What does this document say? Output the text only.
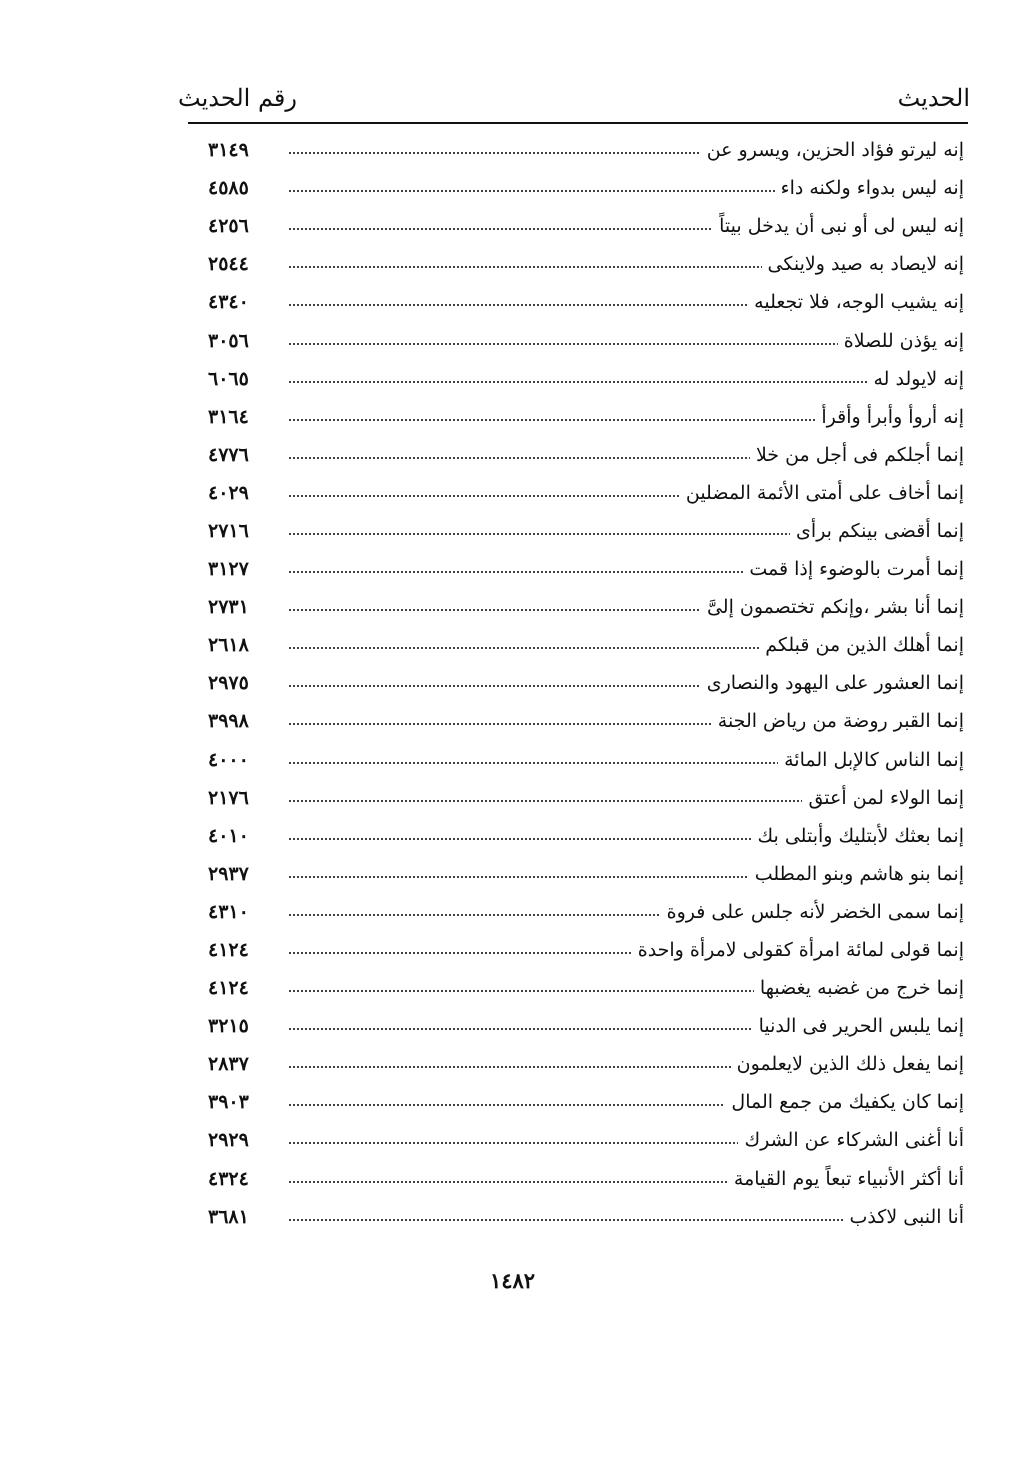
رقم الحديث	الحديث
٣١٤٩	إنه ليرتو فؤاد الحزين، ويسرو عن
٤٥٨٥	إنه ليس بدواء ولكنه داء
٤٢٥٦	إنه ليس لى أو نبى أن يدخل بيتاً
٢٥٤٤	إنه لايصاد به صيد ولاينكى
٤٣٤٠	إنه يشيب الوجه، فلا تجعليه
٣٠٥٦	إنه يؤذن للصلاة
٦٠٦٥	إنه لايولد له
٣١٦٤	إنه أروأ وأبرأ وأقرأ
٤٧٧٦	إنما أجلكم فى أجل من خلا
٤٠٢٩	إنما أخاف على أمتى الأئمة المضلين
٢٧١٦	إنما أقضى بينكم برأى
٣١٢٧	إنما أمرت بالوضوء إذا قمت
٢٧٣١	إنما أنا بشر ،وإنكم تختصمون إلىَّ
٢٦١٨	إنما أهلك الذين من قبلكم
٢٩٧٥	إنما العشور على اليهود والنصارى
٣٩٩٨	إنما القبر روضة من رياض الجنة
٤٠٠٠	إنما الناس كالإبل المائة
٢١٧٦	إنما الولاء لمن أعتق
٤٠١٠	إنما بعثك لأبتليك وأبتلى بك
٢٩٣٧	إنما بنو هاشم وبنو المطلب
٤٣١٠	إنما سمى الخضر لأنه جلس على فروة
٤١٢٤	إنما قولى لمائة امرأة كقولى لامرأة واحدة
٤١٢٤	إنما خرج من غضبه يغضبها
٣٢١٥	إنما يلبس الحرير فى الدنيا
٢٨٣٧	إنما يفعل ذلك الذين لايعلمون
٣٩٠٣	إنما كان يكفيك من جمع المال
٢٩٢٩	أنا أغنى الشركاء عن الشرك
٤٣٢٤	أنا أكثر الأنبياء تبعاً يوم القيامة
٣٦٨١	أنا النبى لاكذب
١٤٨٢
